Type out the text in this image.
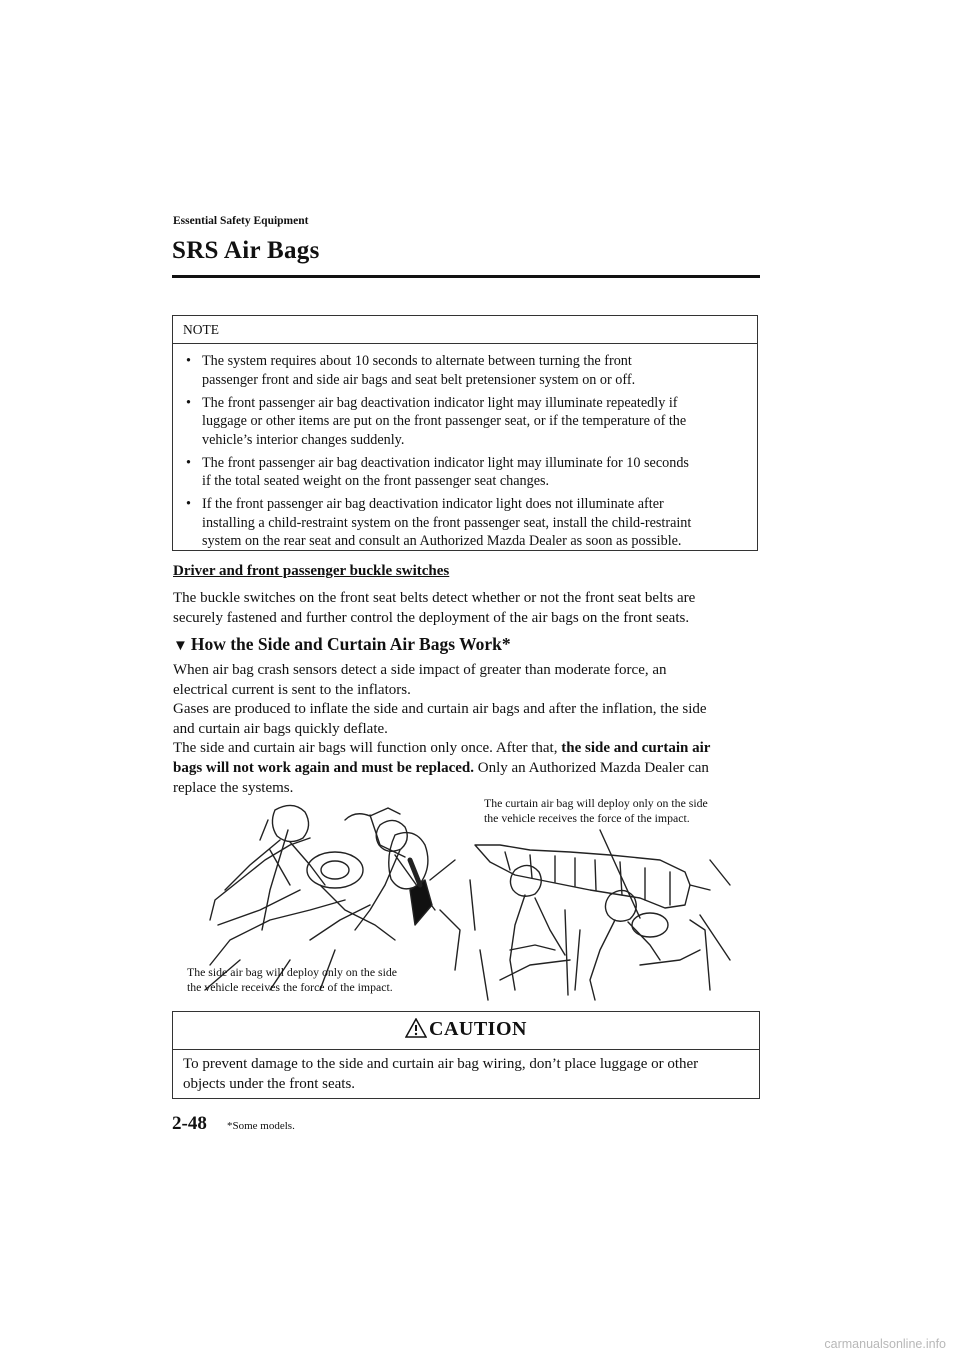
Essential Safety Equipment
SRS Air Bags
NOTE
• The system requires about 10 seconds to alternate between turning the front
passenger front and side air bags and seat belt pretensioner system on or off.
• The front passenger air bag deactivation indicator light may illuminate repeatedly if
luggage or other items are put on the front passenger seat, or if the temperature of the
vehicle’s interior changes suddenly.
• The front passenger air bag deactivation indicator light may illuminate for 10 seconds
if the total seated weight on the front passenger seat changes.
• If the front passenger air bag deactivation indicator light does not illuminate after
installing a child-restraint system on the front passenger seat, install the child-restraint
system on the rear seat and consult an Authorized Mazda Dealer as soon as possible.
Driver and front passenger buckle switches
The buckle switches on the front seat belts detect whether or not the front seat belts are
securely fastened and further control the deployment of the air bags on the front seats.
▼ How the Side and Curtain Air Bags Work*
When air bag crash sensors detect a side impact of greater than moderate force, an
electrical current is sent to the inflators.
Gases are produced to inflate the side and curtain air bags and after the inflation, the side
and curtain air bags quickly deflate.
The side and curtain air bags will function only once. After that, the side and curtain air
bags will not work again and must be replaced. Only an Authorized Mazda Dealer can
replace the systems.
The side air bag will deploy only on the side
the vehicle receives the force of the impact.
The curtain air bag will deploy only on the side
the vehicle receives the force of the impact.
CAUTION
To prevent damage to the side and curtain air bag wiring, don’t place luggage or other
objects under the front seats.
2-48 *Some models.
carmanualsonline.info
